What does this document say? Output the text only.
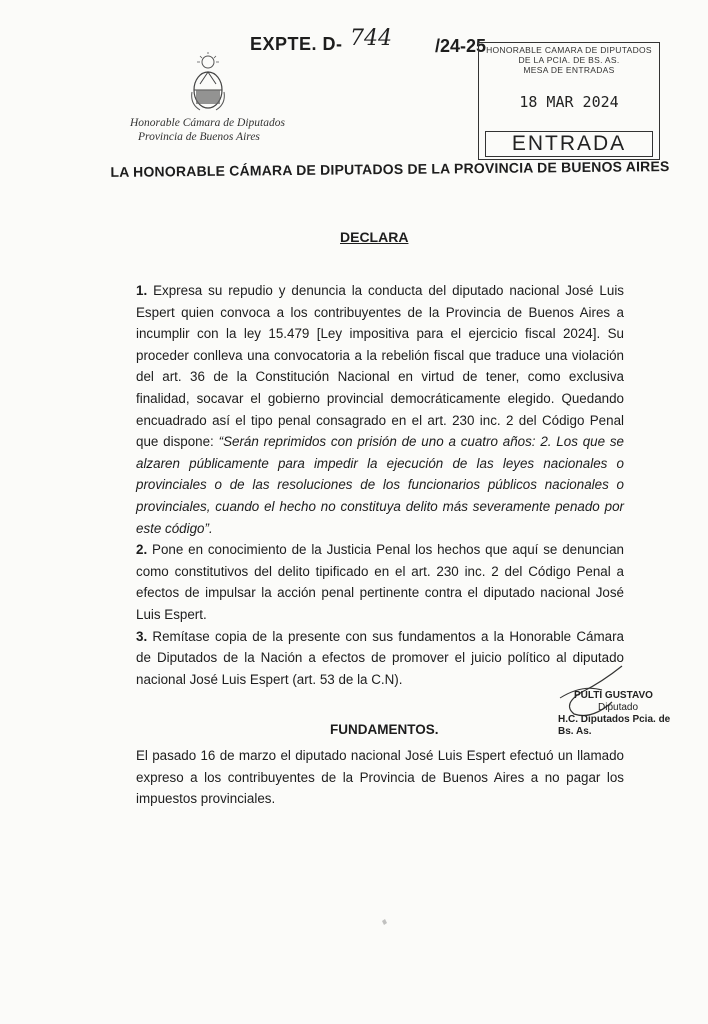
EXPTE. D- 744 /24-25 HONORABLE CAMARA DE DIPUTADOS
DE LA PCIA. DE BS. AS.
MESA DE ENTRADAS
18 MAR 2024
ENTRADA
Honorable Cámara de Diputados
Provincia de Buenos Aires
LA HONORABLE CÁMARA DE DIPUTADOS DE LA PROVINCIA DE BUENOS AIRES
DECLARA

1. Expresa su repudio y denuncia la conducta del diputado nacional José Luis Espert quien convoca a los contribuyentes de la Provincia de Buenos Aires a incumplir con la ley 15.479 [Ley impositiva para el ejercicio fiscal 2024]. Su proceder conlleva una convocatoria a la rebelión fiscal que traduce una violación del art. 36 de la Constitución Nacional en virtud de tener, como exclusiva finalidad, socavar el gobierno provincial democráticamente elegido. Quedando encuadrado así el tipo penal consagrado en el art. 230 inc. 2 del Código Penal que dispone: “Serán reprimidos con prisión de uno a cuatro años: 2. Los que se alzaren públicamente para impedir la ejecución de las leyes nacionales o provinciales o de las resoluciones de los funcionarios públicos nacionales o provinciales, cuando el hecho no constituya delito más severamente penado por este código”.

2. Pone en conocimiento de la Justicia Penal los hechos que aquí se denuncian como constitutivos del delito tipificado en el art. 230 inc. 2 del Código Penal a efectos de impulsar la acción penal pertinente contra el diputado nacional José Luis Espert.

3. Remítase copia de la presente con sus fundamentos a la Honorable Cámara de Diputados de la Nación a efectos de promover el juicio político al diputado nacional José Luis Espert (art. 53 de la C.N).

PULTI GUSTAVO
Diputado
H.C. Diputados Pcia. de Bs. As.
FUNDAMENTOS.

El pasado 16 de marzo el diputado nacional José Luis Espert efectuó un llamado expreso a los contribuyentes de la Provincia de Buenos Aires a no pagar los impuestos provinciales.
